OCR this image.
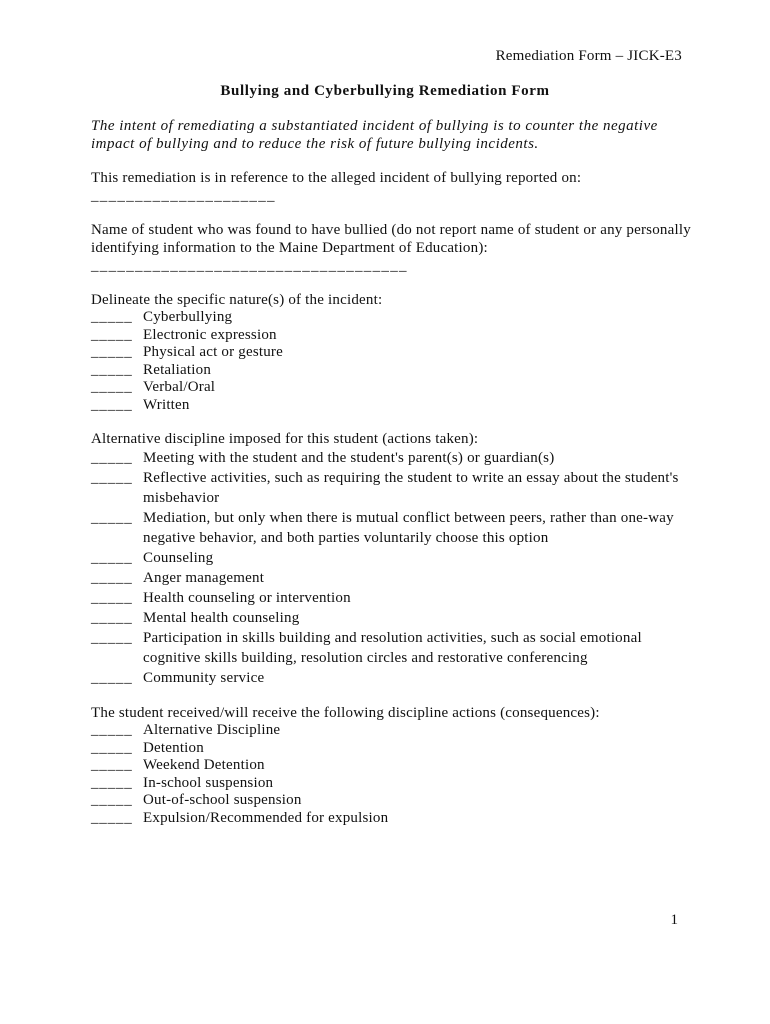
Remediation Form – JICK-E3
Bullying and Cyberbullying Remediation Form

The intent of remediating a substantiated incident of bullying is to counter the negative impact of bullying and to reduce the risk of future bullying incidents.

This remediation is in reference to the alleged incident of bullying reported on:
_____________________
Name of student who was found to have bullied (do not report name of student or any personally identifying information to the Maine Department of Education):
____________________________________
Delineate the specific nature(s) of the incident:
_____ Cyberbullying
_____ Electronic expression
_____ Physical act or gesture
_____ Retaliation
_____ Verbal/Oral
_____ Written
Alternative discipline imposed for this student (actions taken):
_____ Meeting with the student and the student's parent(s) or guardian(s)
_____ Reflective activities, such as requiring the student to write an essay about the student's misbehavior
_____ Mediation, but only when there is mutual conflict between peers, rather than one-way negative behavior, and both parties voluntarily choose this option
_____ Counseling
_____ Anger management
_____ Health counseling or intervention
_____ Mental health counseling
_____ Participation in skills building and resolution activities, such as social emotional cognitive skills building, resolution circles and restorative conferencing
_____ Community service
The student received/will receive the following discipline actions (consequences):
_____ Alternative Discipline
_____ Detention
_____ Weekend Detention
_____ In-school suspension
_____ Out-of-school suspension
_____ Expulsion/Recommended for expulsion
1
